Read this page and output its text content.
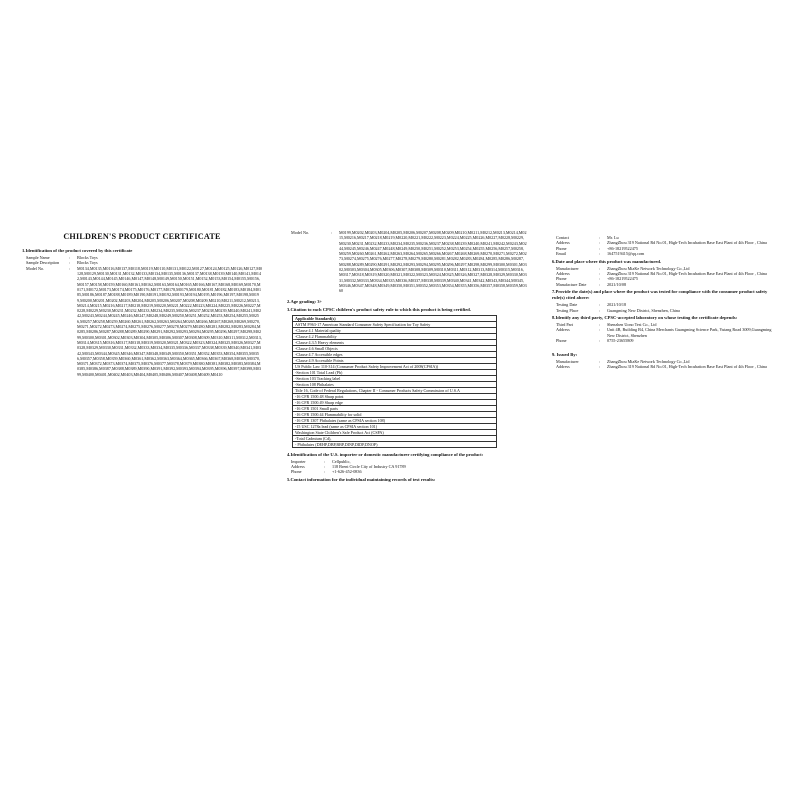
CHILDREN'S PRODUCT CERTIFICATE
1.Identification of the product covered by this certificate
Sample Name	:	Blocks Toys
Sample Description	:	Blocks Toys
Model No.	:	M0134,M0135,M0116,M0137,M0118,M0119,M0110,M0131,M0122,M0127,M0124,M0125,M0126,M0127,M0128,M0129,M0130,M0131,M0132,M0133,M0134,M0135,M0136,M0137,M0138,M0139,M0140,M0141,M0142,M0143,M0144,M0145,M0146,M0147,M0148,M0149,M0150,M0151,M0152,M0153,M0154,M0155,M0156,M0157,M0158,M0159,M0160,M0161,M0162,M0163,M0164,M0165,M0166,M0167,M0168,M0169,M0170,M0171,M0172,M0173,M0174,M0175,M0176,M0177,M0178,M0179,M0180,M0181,M0182,M0183,M0184,M0185,M0186,M0187,M0188,M0189,M0190,M0191,M0192,M0193,M0194,M0195,M0196,M0197,M0198,M0199,M0200,M0201,M0202,M0203,M0204,M0205,M0206,M0207,M0208,M0209,M0210,M0211,M0212,M0213,M0214,M0215,M0216,M0217,M0218,M0219,M0220,M0221,M0222,M0223,M0224,M0225,M0226,M0227,M0228,M0229,M0230,M0231,M0232,M0233,M0234,M0235,M0236,M0237,M0238,M0239,M0240,M0241,M0242,M0243,M0244,M0245,M0246,M0247,M0248,M0249,M0250,M0251,M0252,M0253,M0254,M0255,M0256,M0257,M0258,M0259,M0260,M0261,M0262,M0263,M0264,M0265,M0266,M0267,M0268,M0269,M0270,M0271,M0272,M0273,M0274,M0275,M0276,M0277,M0278,M0279,M0280,M0281,M0282,M0283,M0284,M0285,M0286,M0287,M0288,M0289,M0290,M0291,M0292,M0293,M0294,M0295,M0296,M0297,M0298,M0299,M0300,M0301,M0302,M0303,M0304,M0305,M0306,M0307,M0308,M0309,M0310,M0311,M0312,M0313,M0314,M0315,M0316,M0317,M0318,M0319,M0320,M0321,M0322,M0323,M0324,M0325,M0326,M0327,M0328,M0329,M0330,M0331,M0332,M0333,M0334,M0335,M0336,M0337,M0338,M0339,M0340,M0341,M0342,M0343,M0344,M0345,M0346,M0347,M0348,M0349,M0350,M0351,M0352,M0353,M0354,M0355,M0356,M0357,M0358,M0359,M0360,M0361,M0362,M0363,M0364,M0365,M0366,M0367,M0368,M0369,M0370,M0371,M0372,M0373,M0374,M0375,M0376,M0377,M0378,M0379,M0380,M0381,M0382,M0383,M0384,M0385,M0386,M0387,M0388,M0389,M0390,M0391,M0392,M0393,M0394,M0395,M0396,M0397,M0398,M0399,M0400,M0401,M0402,M0403,M0404,M0405,M0406,M0407,M0408,M0409,M0410
Model No.	:	M0199,M0202,M0203,M0204,M0205,M0206,M0207,M0208,M0209,M0210,M0211,M0212,M0213,M0214,M0215,M0216,M0217,M0218,M0219,M0220,M0221,M0222,M0223,M0224,M0225,M0226,M0227,M0228,M0229,M0230,M0231,M0232,M0233,M0234,M0235,M0236,M0237,M0238,M0239,M0240,M0241,M0242,M0243,M0244,M0245,M0246,M0247,M0248,M0249,M0250,M0251,M0252,M0253,M0254,M0255,M0256,M0257,M0258,M0259,M0260,M0261,M0262,M0263,M0264,M0265,M0266,M0267,M0268,M0269,M0270,M0271,M0272,M0273,M0274,M0275,M0276,M0277,M0278,M0279,M0280,M0281,M0282,M0283,M0284,M0285,M0286,M0287,M0288,M0289,M0290,M0291,M0292,M0293,M0294,M0295,M0296,M0297,M0298,M0299,M0300,M0301,M0302,M0303,M0304,M0305,M0306,M0307,M0308,M0309,M0310,M0311,M0312,M0313,M0314,M0315,M0316,M0317,M0318,M0319,M0320,M0321,M0322,M0323,M0324,M0325,M0326,M0327,M0328,M0329,M0330,M0331,M0332,M0333,M0334,M0335,M0336,M0337,M0338,M0339,M0340,M0341,M0342,M0343,M0344,M0345,M0346,M0347,M0348,M0349,M0350,M0351,M0352,M0353,M0354,M0355,M0356,M0357,M0358,M0359,M0360
2.Age grading: 3+
3.Citation to each CPSC children's product safety rule to which this product is being certified.
Applicable Standard(s)
ASTM F963-17 American Standard Consumer Safety Specification for Toy Safety
-Clause 4.1 Material quality
-Clause 4.2 Flammability
-Clause 4.3.5 Heavy elements
-Clause 4.6 Small Objects
-Clause 4.7 Accessible edges
-Clause 4.9 Accessible Points
US Public Law 110-314 (Consumer Product Safety Improvement Act of 2008(CPSIA))
-Section 101 Total Lead (Pb)
-Section 103 Tracking label
-Section 108 Phthalates
Title 16, Code of Federal Regulations, Chapter II - Consumer Products Safety Commission of U.S.A
-16 CFR 1500.48 Sharp point
-16 CFR 1500.49 Sharp edge
-16 CFR 1501 Small parts
-16 CFR 1500.44 Flammability for solid
-16 CFR 1307 Phthalates (same as CPSIA section 108)
-15 USC 1278a lead (same as CPSIA section 101)
Washington State Children's Safe Product Act (CSPA)
-Total Cadmium (Cd),
- Phthalates (DEHP,DBP,BBP,DINP,DIDP,DNOP)
4.Identification of the U.S. importer or domestic manufacturer certifying compliance of the product:
Importer	:	Cellpublic,
Address	:	118 Brent Circle City of Industry CA 91789
Phone	:	+1-626-452-0836
5.Contact information for the individual maintaining records of test results:
Contact	:	Mr. Lu
Address	:	ZhangZhou 319 National Rd No.01, High-Tech Incubation Base East Plant of 4th Floor , China
Phone	:	+86-18219522475
Email	:	1647519415@qq.com
6.Date and place where this product was manufactured.
Manufacturer	:	ZhangZhou MiaKe Network Technology Co.,Ltd
Address	:	ZhangZhou 319 National Rd No.01, High-Tech Incubation Base East Plant of 4th Floor , China
Phone	:	+86-18219522475
Manufacture Date	:	2021/10/08
7.Provide the date(s) and place where the product was tested for compliance with the consumer product safety rule(s) cited above:
Testing Date	:	2021/10/18
Testing Place	:	Guangming New District, Shenzhen, China
8.Identify any third party, CPSC-accepted laboratory on whose testing the certificate depends:
Third Part	:	Shenzhen Uono Test Co., Ltd
Address	:	Unit 4B, Building B4, China Merchants Guangming Science Park, Yutang Road 3009,Guangming New District, Shenzhen
Phone	:	0755-23655809
9. Issued By:
Manufacturer	:	ZhangZhou MiaKe Network Technology Co.,Ltd
Address	:	ZhangZhou 319 National Rd No.01, High-Tech Incubation Base East Plant of 4th Floor , China
